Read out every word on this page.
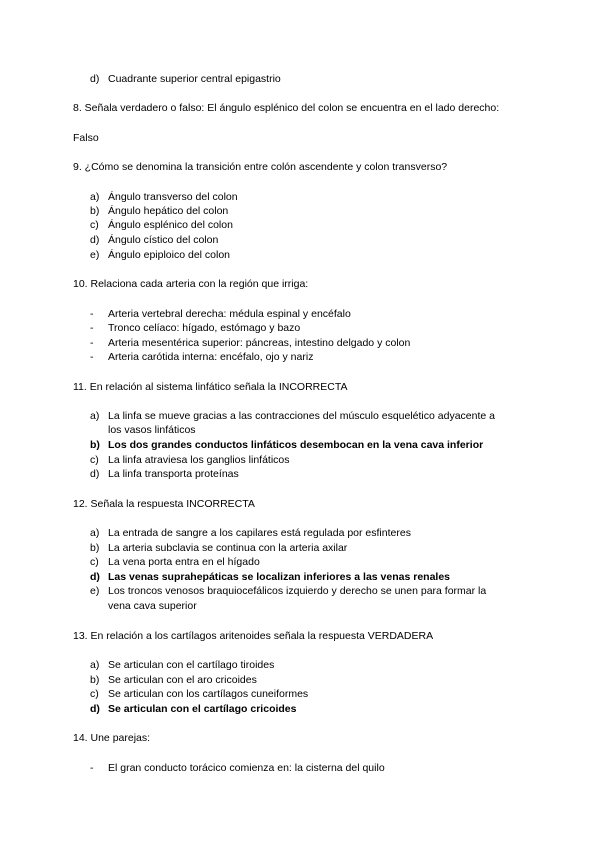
d) Cuadrante superior central epigastrio
8. Señala verdadero o falso: El ángulo esplénico del colon se encuentra en el lado derecho:
Falso
9. ¿Cómo se denomina la transición entre colón ascendente y colon transverso?
a) Ángulo transverso del colon
b) Ángulo hepático del colon
c) Ángulo esplénico del colon
d) Ángulo cístico del colon
e) Ángulo epiploico del colon
10. Relaciona cada arteria con la región que irriga:
- Arteria vertebral derecha: médula espinal y encéfalo
- Tronco celíaco: hígado, estómago y bazo
- Arteria mesentérica superior: páncreas, intestino delgado y colon
- Arteria carótida interna: encéfalo, ojo y nariz
11. En relación al sistema linfático señala la INCORRECTA
a) La linfa se mueve gracias a las contracciones del músculo esquelético adyacente a
los vasos linfáticos
b) Los dos grandes conductos linfáticos desembocan en la vena cava inferior
c) La linfa atraviesa los ganglios linfáticos
d) La linfa transporta proteínas
12. Señala la respuesta INCORRECTA
a) La entrada de sangre a los capilares está regulada por esfinteres
b) La arteria subclavia se continua con la arteria axilar
c) La vena porta entra en el hígado
d) Las venas suprahepáticas se localizan inferiores a las venas renales
e) Los troncos venosos braquiocefálicos izquierdo y derecho se unen para formar la
vena cava superior
13. En relación a los cartílagos aritenoides señala la respuesta VERDADERA
a) Se articulan con el cartílago tiroides
b) Se articulan con el aro cricoides
c) Se articulan con los cartílagos cuneiformes
d) Se articulan con el cartílago cricoides
14. Une parejas:
- El gran conducto torácico comienza en: la cisterna del quilo
